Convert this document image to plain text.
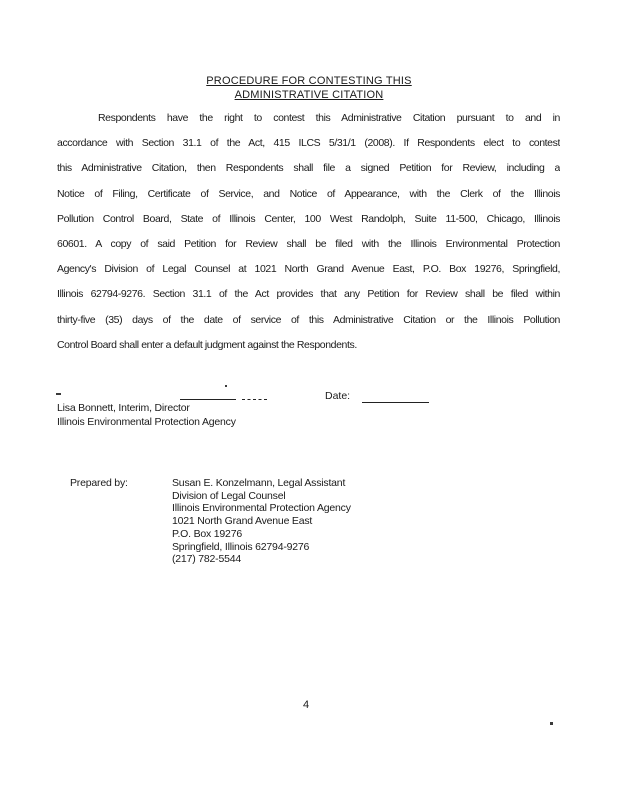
PROCEDURE FOR CONTESTING THIS
ADMINISTRATIVE CITATION
Respondents have the right to contest this Administrative Citation pursuant to and in
accordance with Section 31.1 of the Act, 415 ILCS 5/31/1 (2008). If Respondents elect to contest
this Administrative Citation, then Respondents shall file a signed Petition for Review, including a
Notice of Filing, Certificate of Service, and Notice of Appearance, with the Clerk of the Illinois
Pollution Control Board, State of Illinois Center, 100 West Randolph, Suite 11-500, Chicago, Illinois
60601. A copy of said Petition for Review shall be filed with the Illinois Environmental Protection
Agency's Division of Legal Counsel at 1021 North Grand Avenue East, P.O. Box 19276, Springfield,
Illinois 62794-9276. Section 31.1 of the Act provides that any Petition for Review shall be filed within
thirty-five (35) days of the date of service of this Administrative Citation or the Illinois Pollution
Control Board shall enter a default judgment against the Respondents.
Date:
Lisa Bonnett, Interim, Director
Illinois Environmental Protection Agency
Prepared by:	Susan E. Konzelmann, Legal Assistant
Division of Legal Counsel
Illinois Environmental Protection Agency
1021 North Grand Avenue East
P.O. Box 19276
Springfield, Illinois 62794-9276
(217) 782-5544
4
